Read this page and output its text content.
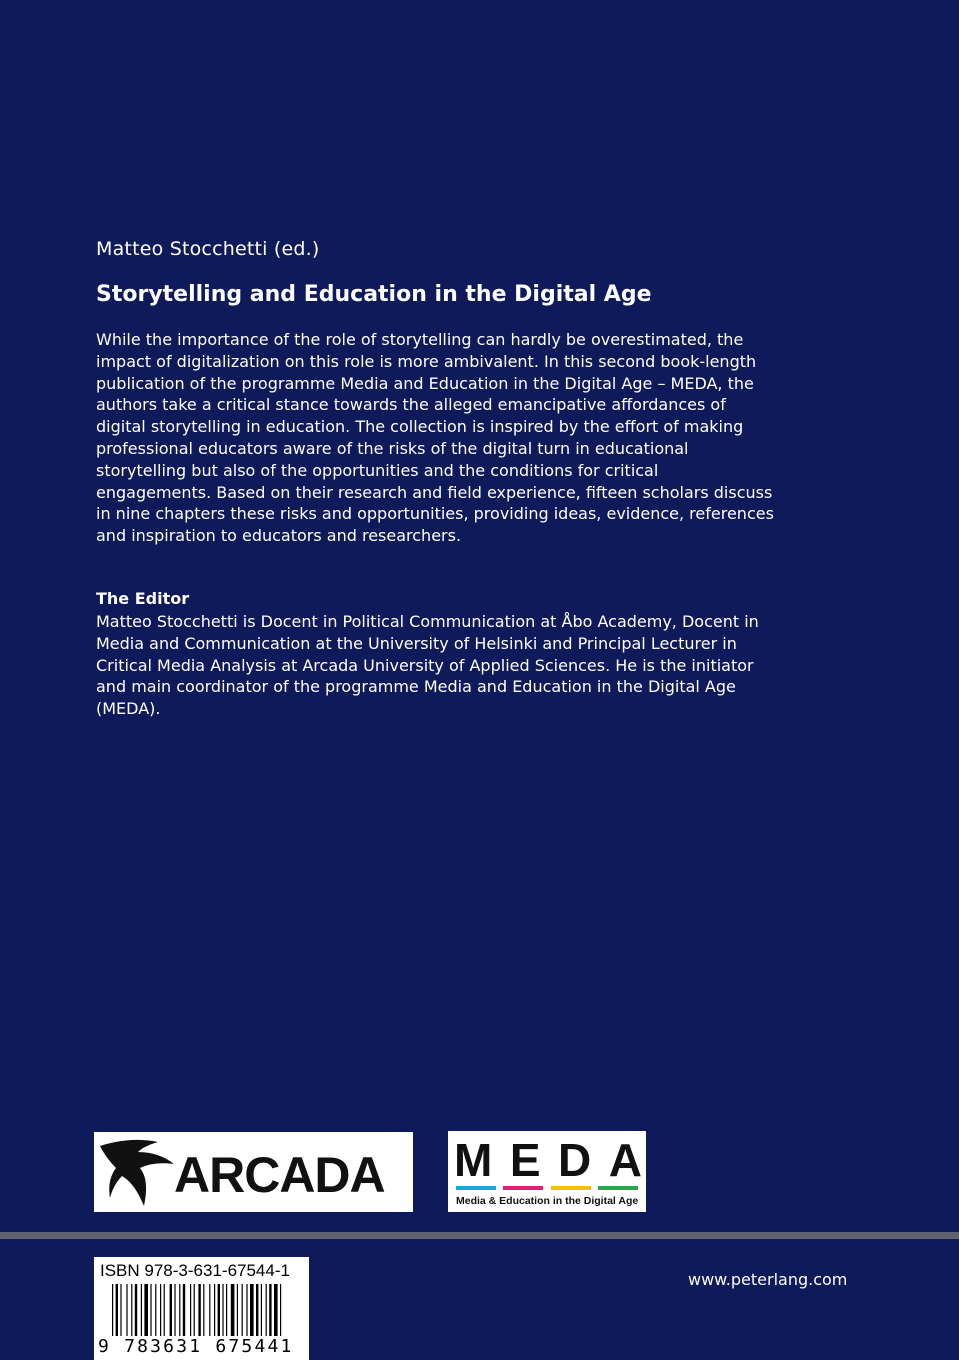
Matteo Stocchetti (ed.)
Storytelling and Education in the Digital Age

While the importance of the role of storytelling can hardly be overestimated, the impact of digitalization on this role is more ambivalent. In this second book-length publication of the programme Media and Education in the Digital Age – MEDA, the authors take a critical stance towards the alleged emancipative affordances of digital storytelling in education. The collection is inspired by the effort of making professional educators aware of the risks of the digital turn in educational storytelling but also of the opportunities and the conditions for critical engagements. Based on their research and field experience, fifteen scholars discuss in nine chapters these risks and opportunities, providing ideas, evidence, references and inspiration to educators and researchers.

The Editor

Matteo Stocchetti is Docent in Political Communication at Åbo Academy, Docent in Media and Communication at the University of Helsinki and Principal Lecturer in Critical Media Analysis at Arcada University of Applied Sciences. He is the initiator and main coordinator of the programme Media and Education in the Digital Age (MEDA).

ARCADA M E D A
Media & Education in the Digital Age
ISBN 978-3-631-67544-1
9 783631 675441
www.peterlang.com
